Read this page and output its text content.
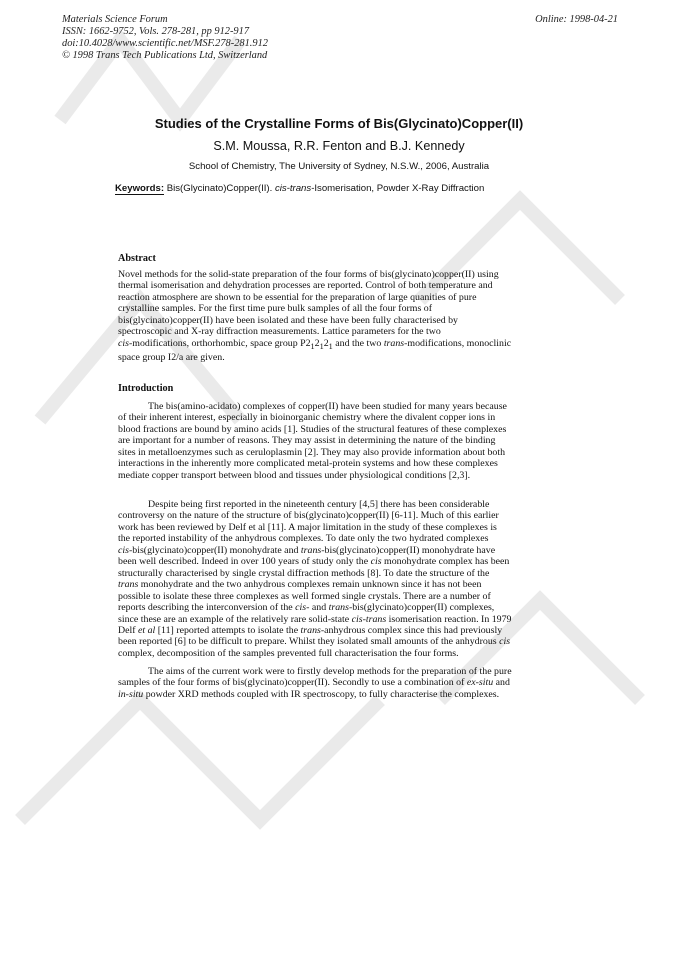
Materials Science Forum
ISSN: 1662-9752, Vols. 278-281, pp 912-917
doi:10.4028/www.scientific.net/MSF.278-281.912
© 1998 Trans Tech Publications Ltd, Switzerland
Online: 1998-04-21
Studies of the Crystalline Forms of Bis(Glycinato)Copper(II)
S.M. Moussa, R.R. Fenton and B.J. Kennedy
School of Chemistry, The University of Sydney, N.S.W., 2006, Australia
Keywords: Bis(Glycinato)Copper(II). cis-trans-Isomerisation, Powder X-Ray Diffraction
Abstract
Novel methods for the solid-state preparation of the four forms of bis(glycinato)copper(II) using
thermal isomerisation and dehydration processes are reported. Control of both temperature and
reaction atmosphere are shown to be essential for the preparation of large quanities of pure
crystalline samples. For the first time pure bulk samples of all the four forms of
bis(glycinato)copper(II) have been isolated and these have been fully characterised by
spectroscopic and X-ray diffraction measurements. Lattice parameters for the two
cis-modifications, orthorhombic, space group $P2_12_12_1$ and the two trans-modifications, monoclinic
space group I2/a are given.
Introduction
The bis(amino-acidato) complexes of copper(II) have been studied for many years because
of their inherent interest, especially in bioinorganic chemistry where the divalent copper ions in
blood fractions are bound by amino acids [1]. Studies of the structural features of these complexes
are important for a number of reasons. They may assist in determining the nature of the binding
sites in metalloenzymes such as ceruloplasmin [2]. They may also provide information about both
interactions in the inherently more complicated metal-protein systems and how these complexes
mediate copper transport between blood and tissues under physiological conditions [2,3].
Despite being first reported in the nineteenth century [4,5] there has been considerable
controversy on the nature of the structure of bis(glycinato)copper(II) [6-11]. Much of this earlier
work has been reviewed by Delf et al [11]. A major limitation in the study of these complexes is
the reported instability of the anhydrous complexes. To date only the two hydrated complexes
cis-bis(glycinato)copper(II) monohydrate and trans-bis(glycinato)copper(II) monohydrate have
been well described. Indeed in over 100 years of study only the cis monohydrate complex has been
structurally characterised by single crystal diffraction methods [8]. To date the structure of the
trans monohydrate and the two anhydrous complexes remain unknown since it has not been
possible to isolate these three complexes as well formed single crystals. There are a number of
reports describing the interconversion of the cis- and trans-bis(glycinato)copper(II) complexes,
since these are an example of the relatively rare solid-state cis-trans isomerisation reaction. In 1979
Delf et al [11] reported attempts to isolate the trans-anhydrous complex since this had previously
been reported [6] to be difficult to prepare. Whilst they isolated small amounts of the anhydrous cis
complex, decomposition of the samples prevented full characterisation the four forms.
The aims of the current work were to firstly develop methods for the preparation of the pure
samples of the four forms of bis(glycinato)copper(II). Secondly to use a combination of ex-situ and
in-situ powder XRD methods coupled with IR spectroscopy, to fully characterise the complexes.
